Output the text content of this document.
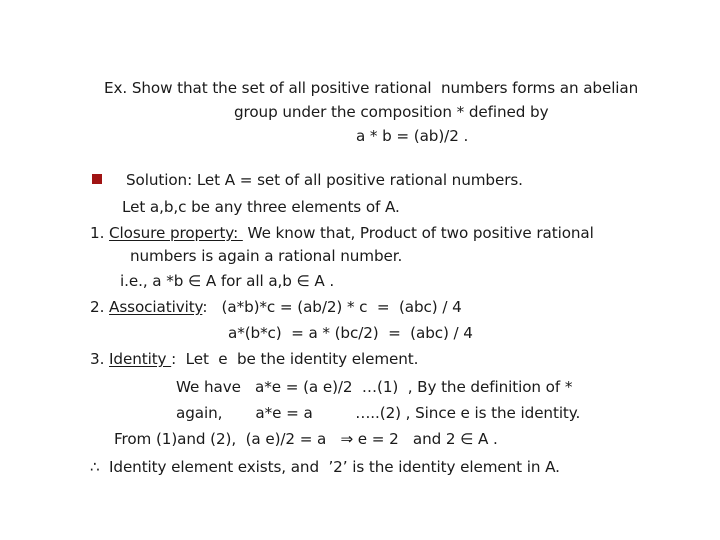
Ex. Show that the set of all positive rational  numbers forms an abelian
group under the composition * defined by
a * b = (ab)/2 .
Solution: Let A = set of all positive rational numbers.
Let a,b,c be any three elements of A.
1. Closure property:  We know that, Product of two positive rational
numbers is again a rational number.
i.e., a *b ∈ A for all a,b ∈ A .
2. Associativity:   (a*b)*c = (ab/2) * c  =  (abc) / 4
a*(b*c)  = a * (bc/2)  =  (abc) / 4
3. Identity :  Let  e  be the identity element.
We have   a*e = (a e)/2  …(1)  , By the definition of *
again,       a*e = a         …..(2) , Since e is the identity.
From (1)and (2),  (a e)/2 = a   ⇒ e = 2   and 2 ∈ A .
∴  Identity element exists, and  ’2’ is the identity element in A.
